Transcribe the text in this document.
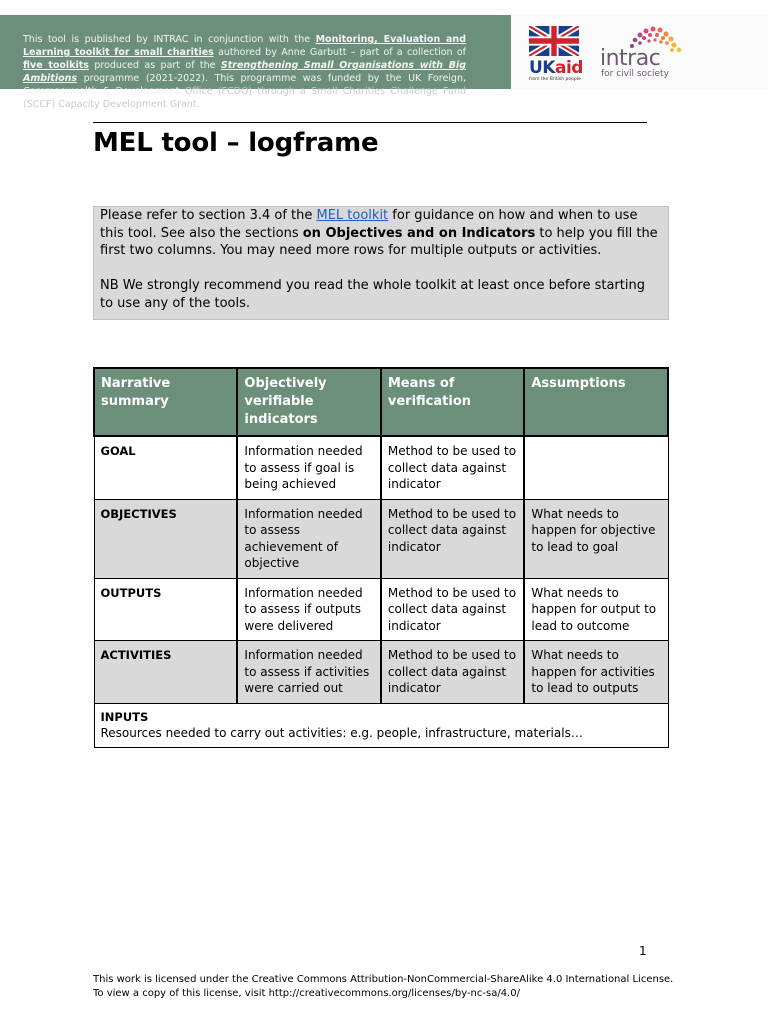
This tool is published by INTRAC in conjunction with the Monitoring, Evaluation and Learning toolkit for small charities authored by Anne Garbutt – part of a collection of five toolkits produced as part of the Strengthening Small Organisations with Big Ambitions programme (2021-2022). This programme was funded by the UK Foreign, Commonwealth & Development Office (FCDO) through a Small Charities Challenge Fund (SCCF) Capacity Development Grant.
UKaid
from the British people
intrac
for civil society
MEL tool – logframe

Please refer to section 3.4 of the MEL toolkit for guidance on how and when to use this tool. See also the sections on Objectives and on Indicators to help you fill the first two columns. You may need more rows for multiple outputs or activities.

NB We strongly recommend you read the whole toolkit at least once before starting to use any of the tools.

Narrative summary	Objectively verifiable indicators	Means of verification	Assumptions
GOAL	Information needed to assess if goal is being achieved	Method to be used to collect data against indicator	
OBJECTIVES	Information needed to assess achievement of objective	Method to be used to collect data against indicator	What needs to happen for objective to lead to goal
OUTPUTS	Information needed to assess if outputs were delivered	Method to be used to collect data against indicator	What needs to happen for output to lead to outcome
ACTIVITIES	Information needed to assess if activities were carried out	Method to be used to collect data against indicator	What needs to happen for activities to lead to outputs

INPUTS
Resources needed to carry out activities: e.g. people, infrastructure, materials…			
1
This work is licensed under the Creative Commons Attribution-NonCommercial-ShareAlike 4.0 International License.
To view a copy of this license, visit http://creativecommons.org/licenses/by-nc-sa/4.0/
